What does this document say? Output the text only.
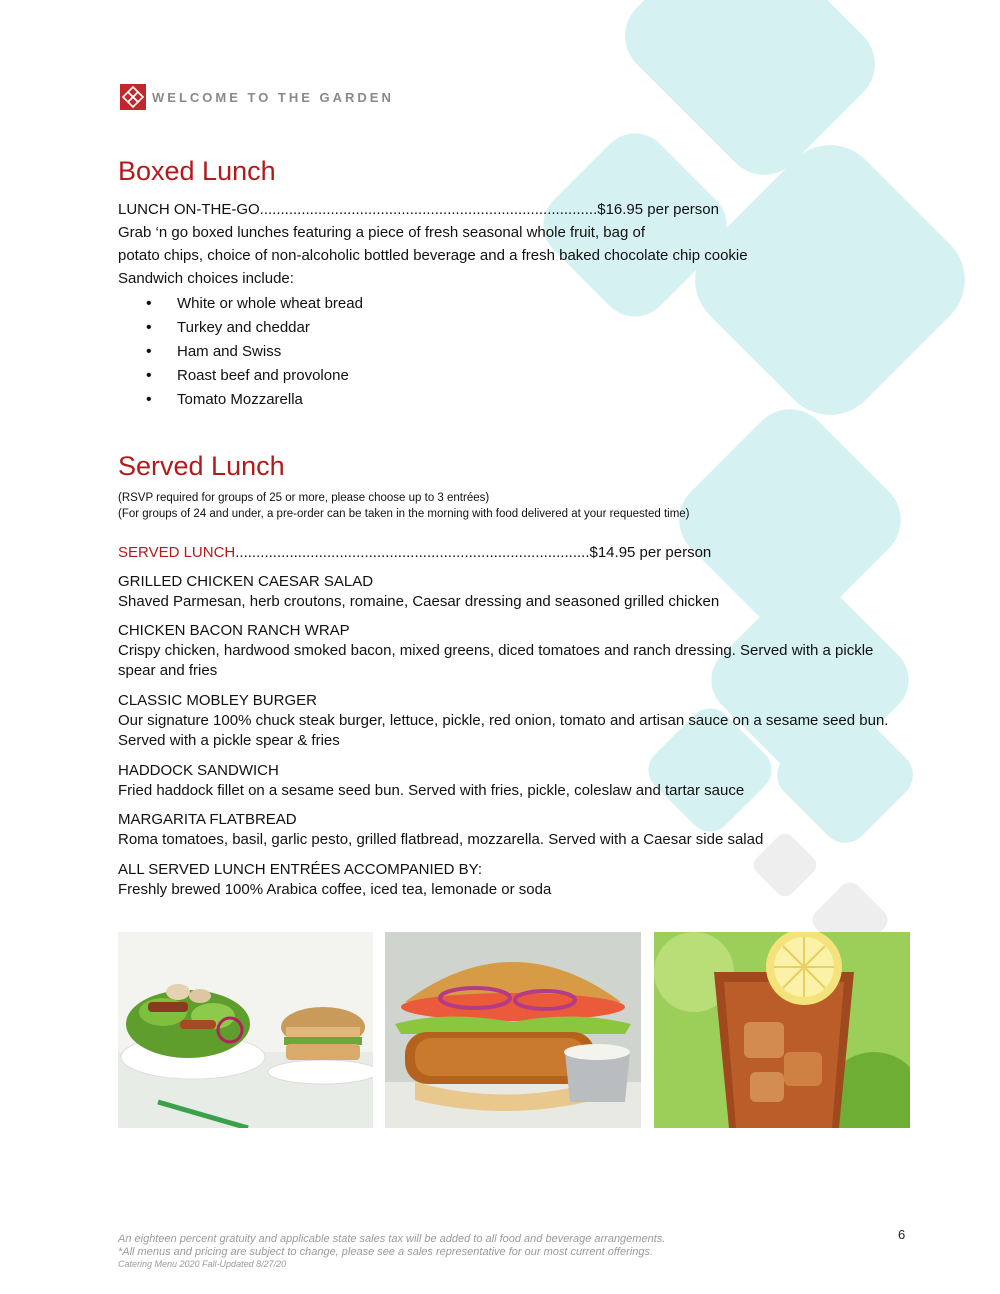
WELCOME TO THE GARDEN
Boxed Lunch
LUNCH ON-THE-GO.................................................................................$16.95 per person
Grab ‘n go boxed lunches featuring a piece of fresh seasonal whole fruit, bag of
potato chips, choice of non-alcoholic bottled beverage and a fresh baked chocolate chip cookie
Sandwich choices include:
• White or whole wheat bread
• Turkey and cheddar
• Ham and Swiss
• Roast beef and provolone
• Tomato Mozzarella
Served Lunch
(RSVP required for groups of 25 or more, please choose up to 3 entrées)
(For groups of 24 and under, a pre-order can be taken in the morning with food delivered at your requested time)
SERVED LUNCH.....................................................................................$14.95 per person
GRILLED CHICKEN CAESAR SALAD
Shaved Parmesan, herb croutons, romaine, Caesar dressing and seasoned grilled chicken
CHICKEN BACON RANCH WRAP
Crispy chicken, hardwood smoked bacon, mixed greens, diced tomatoes and ranch dressing. Served with a pickle spear and fries
CLASSIC MOBLEY BURGER
Our signature 100% chuck steak burger, lettuce, pickle, red onion, tomato and artisan sauce on a sesame seed bun. Served with a pickle spear & fries
HADDOCK SANDWICH
Fried haddock fillet on a sesame seed bun. Served with fries, pickle, coleslaw and tartar sauce
MARGARITA FLATBREAD
Roma tomatoes, basil, garlic pesto, grilled flatbread, mozzarella. Served with a Caesar side salad
ALL SERVED LUNCH ENTRÉES ACCOMPANIED BY:
Freshly brewed 100% Arabica coffee, iced tea, lemonade or soda
An eighteen percent gratuity and applicable state sales tax will be added to all food and beverage arrangements.
*All menus and pricing are subject to change, please see a sales representative for our most current offerings.
Catering Menu 2020 Fall-Updated 8/27/20
6
